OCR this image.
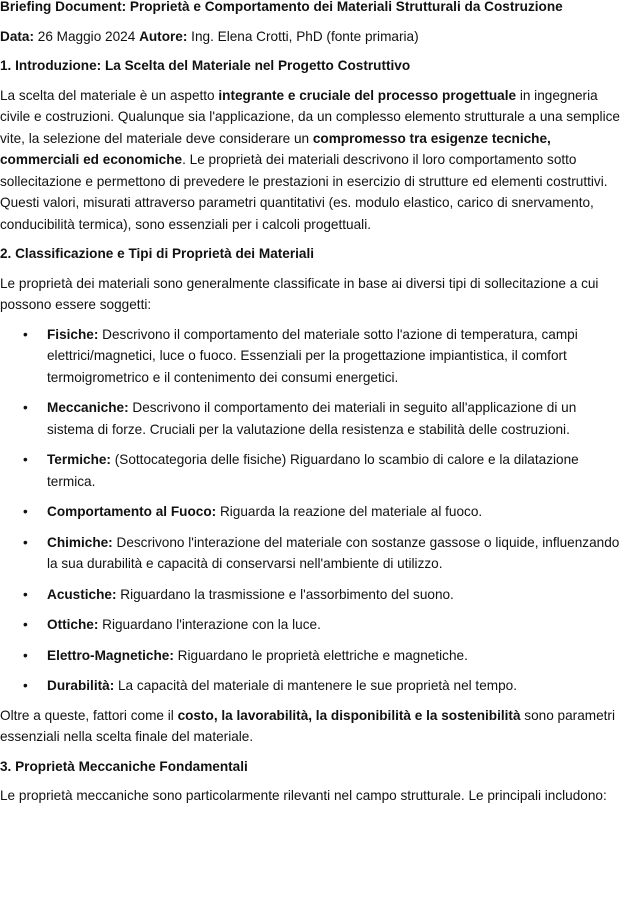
Briefing Document: Proprietà e Comportamento dei Materiali Strutturali da Costruzione

Data: 26 Maggio 2024 Autore: Ing. Elena Crotti, PhD (fonte primaria)

1. Introduzione: La Scelta del Materiale nel Progetto Costruttivo

La scelta del materiale è un aspetto integrante e cruciale del processo progettuale in ingegneria civile e costruzioni. Qualunque sia l'applicazione, da un complesso elemento strutturale a una semplice vite, la selezione del materiale deve considerare un compromesso tra esigenze tecniche, commerciali ed economiche. Le proprietà dei materiali descrivono il loro comportamento sotto sollecitazione e permettono di prevedere le prestazioni in esercizio di strutture ed elementi costruttivi. Questi valori, misurati attraverso parametri quantitativi (es. modulo elastico, carico di snervamento, conducibilità termica), sono essenziali per i calcoli progettuali.

2. Classificazione e Tipi di Proprietà dei Materiali

Le proprietà dei materiali sono generalmente classificate in base ai diversi tipi di sollecitazione a cui possono essere soggetti:

• Fisiche: Descrivono il comportamento del materiale sotto l'azione di temperatura, campi elettrici/magnetici, luce o fuoco. Essenziali per la progettazione impiantistica, il comfort termoigrometrico e il contenimento dei consumi energetici.
• Meccaniche: Descrivono il comportamento dei materiali in seguito all'applicazione di un sistema di forze. Cruciali per la valutazione della resistenza e stabilità delle costruzioni.
• Termiche: (Sottocategoria delle fisiche) Riguardano lo scambio di calore e la dilatazione termica.
• Comportamento al Fuoco: Riguarda la reazione del materiale al fuoco.
• Chimiche: Descrivono l'interazione del materiale con sostanze gassose o liquide, influenzando la sua durabilità e capacità di conservarsi nell'ambiente di utilizzo.
• Acustiche: Riguardano la trasmissione e l'assorbimento del suono.
• Ottiche: Riguardano l'interazione con la luce.
• Elettro-Magnetiche: Riguardano le proprietà elettriche e magnetiche.
• Durabilità: La capacità del materiale di mantenere le sue proprietà nel tempo.

Oltre a queste, fattori come il costo, la lavorabilità, la disponibilità e la sostenibilità sono parametri essenziali nella scelta finale del materiale.

3. Proprietà Meccaniche Fondamentali

Le proprietà meccaniche sono particolarmente rilevanti nel campo strutturale. Le principali includono:
